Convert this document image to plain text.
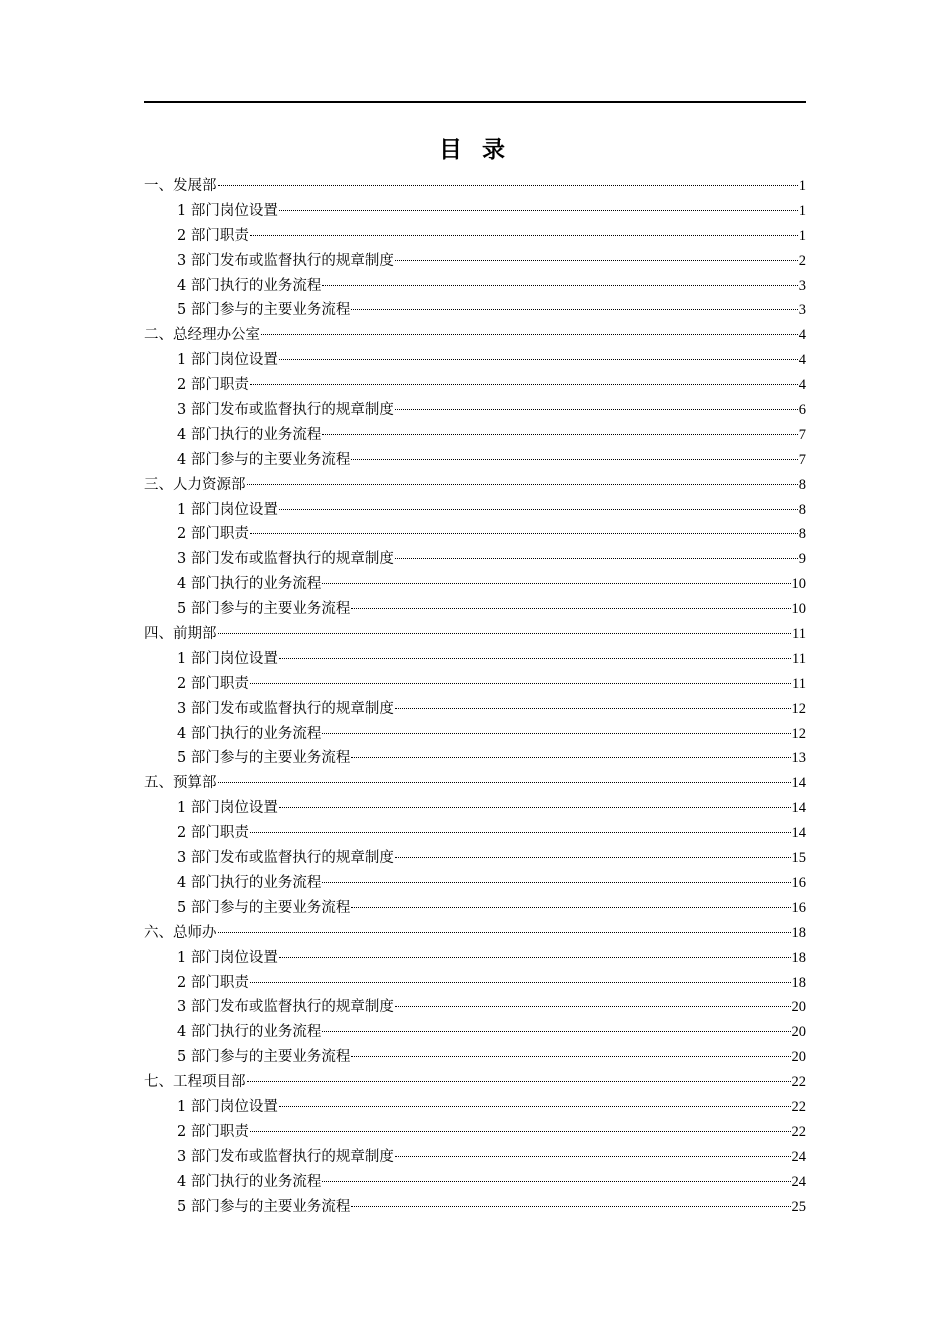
目 录
一、发展部	1
1 部门岗位设置	1
2 部门职责	1
3 部门发布或监督执行的规章制度	2
4 部门执行的业务流程	3
5 部门参与的主要业务流程	3
二、总经理办公室	4
1 部门岗位设置	4
2 部门职责	4
3 部门发布或监督执行的规章制度	6
4 部门执行的业务流程	7
4 部门参与的主要业务流程	7
三、人力资源部	8
1 部门岗位设置	8
2 部门职责	8
3 部门发布或监督执行的规章制度	9
4 部门执行的业务流程	10
5 部门参与的主要业务流程	10
四、前期部	11
1 部门岗位设置	11
2 部门职责	11
3 部门发布或监督执行的规章制度	12
4 部门执行的业务流程	12
5 部门参与的主要业务流程	13
五、预算部	14
1 部门岗位设置	14
2 部门职责	14
3 部门发布或监督执行的规章制度	15
4 部门执行的业务流程	16
5 部门参与的主要业务流程	16
六、总师办	18
1 部门岗位设置	18
2 部门职责	18
3 部门发布或监督执行的规章制度	20
4 部门执行的业务流程	20
5 部门参与的主要业务流程	20
七、工程项目部	22
1 部门岗位设置	22
2 部门职责	22
3 部门发布或监督执行的规章制度	24
4 部门执行的业务流程	24
5 部门参与的主要业务流程	25
